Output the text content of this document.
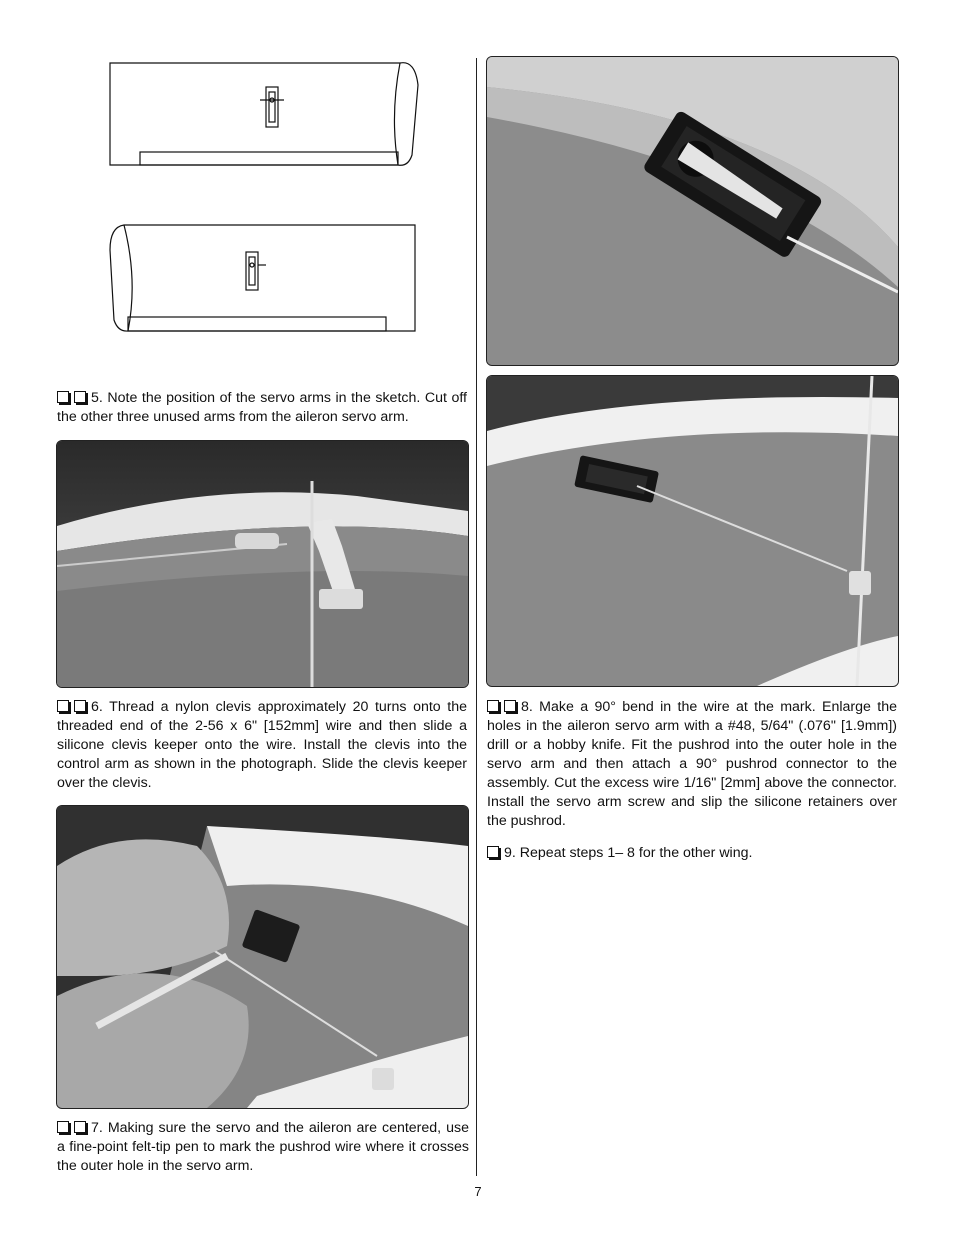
5. Note the position of the servo arms in the sketch. Cut off the other three unused arms from the aileron servo arm.

6. Thread a nylon clevis approximately 20 turns onto the threaded end of the 2-56 x 6" [152mm] wire and then slide a silicone clevis keeper onto the wire. Install the clevis into the control arm as shown in the photograph. Slide the clevis keeper over the clevis.

7. Making sure the servo and the aileron are centered, use a fine-point felt-tip pen to mark the pushrod wire where it crosses the outer hole in the servo arm.

8. Make a 90° bend in the wire at the mark. Enlarge the holes in the aileron servo arm with a #48, 5/64" (.076" [1.9mm]) drill or a hobby knife. Fit the pushrod into the outer hole in the servo arm and then attach a 90° pushrod connector to the assembly. Cut the excess wire 1/16" [2mm] above the connector. Install the servo arm screw and slip the silicone retainers over the pushrod.

9. Repeat steps 1– 8 for the other wing.

7
